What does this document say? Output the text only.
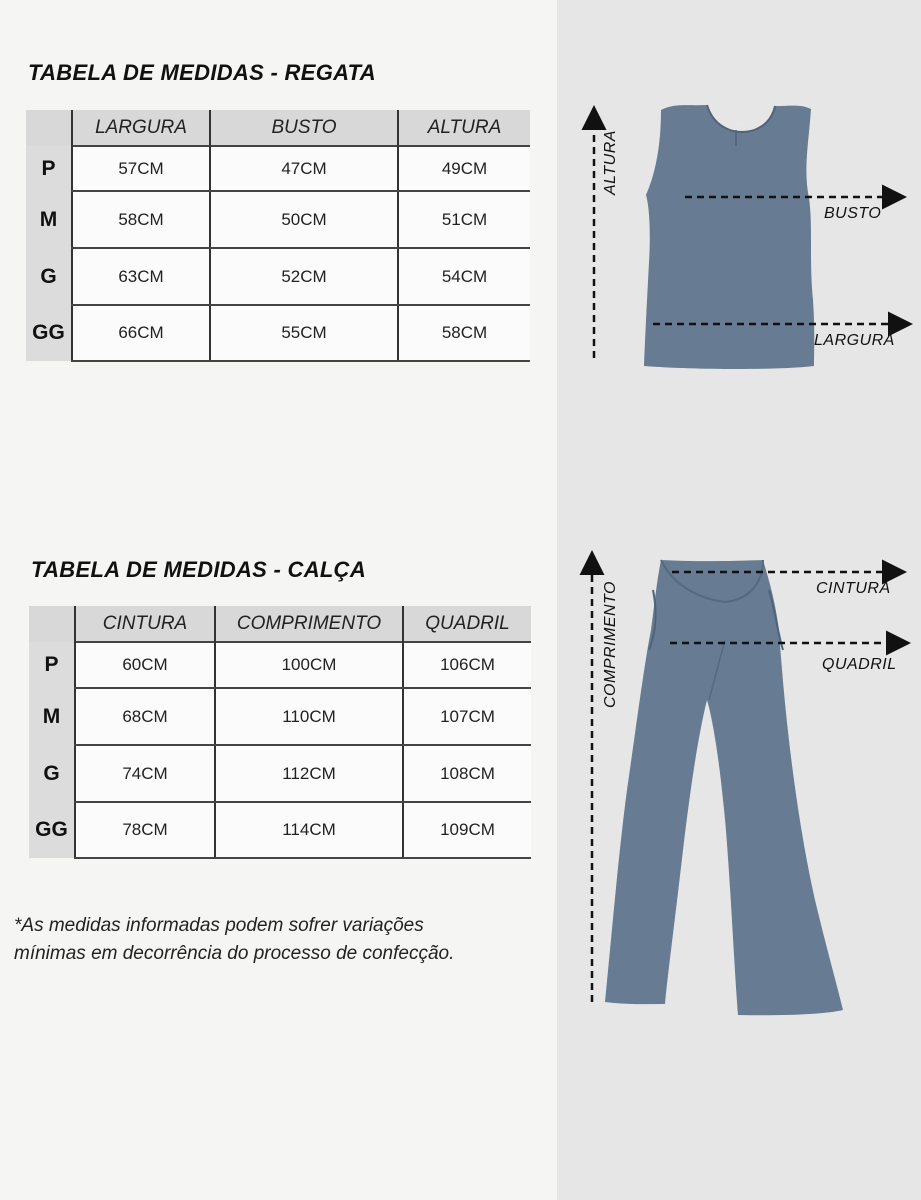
TABELA DE MEDIDAS - REGATA
	LARGURA	BUSTO	ALTURA
P	57CM	47CM	49CM
M	58CM	50CM	51CM
G	63CM	52CM	54CM
GG	66CM	55CM	58CM
TABELA DE MEDIDAS - CALÇA
	CINTURA	COMPRIMENTO	QUADRIL
P	60CM	100CM	106CM
M	68CM	110CM	107CM
G	74CM	112CM	108CM
GG	78CM	114CM	109CM
*As medidas informadas podem sofrer variações
mínimas em decorrência do processo de confecção.
ALTURA
BUSTO
LARGURA
COMPRIMENTO	CINTURA
QUADRIL
